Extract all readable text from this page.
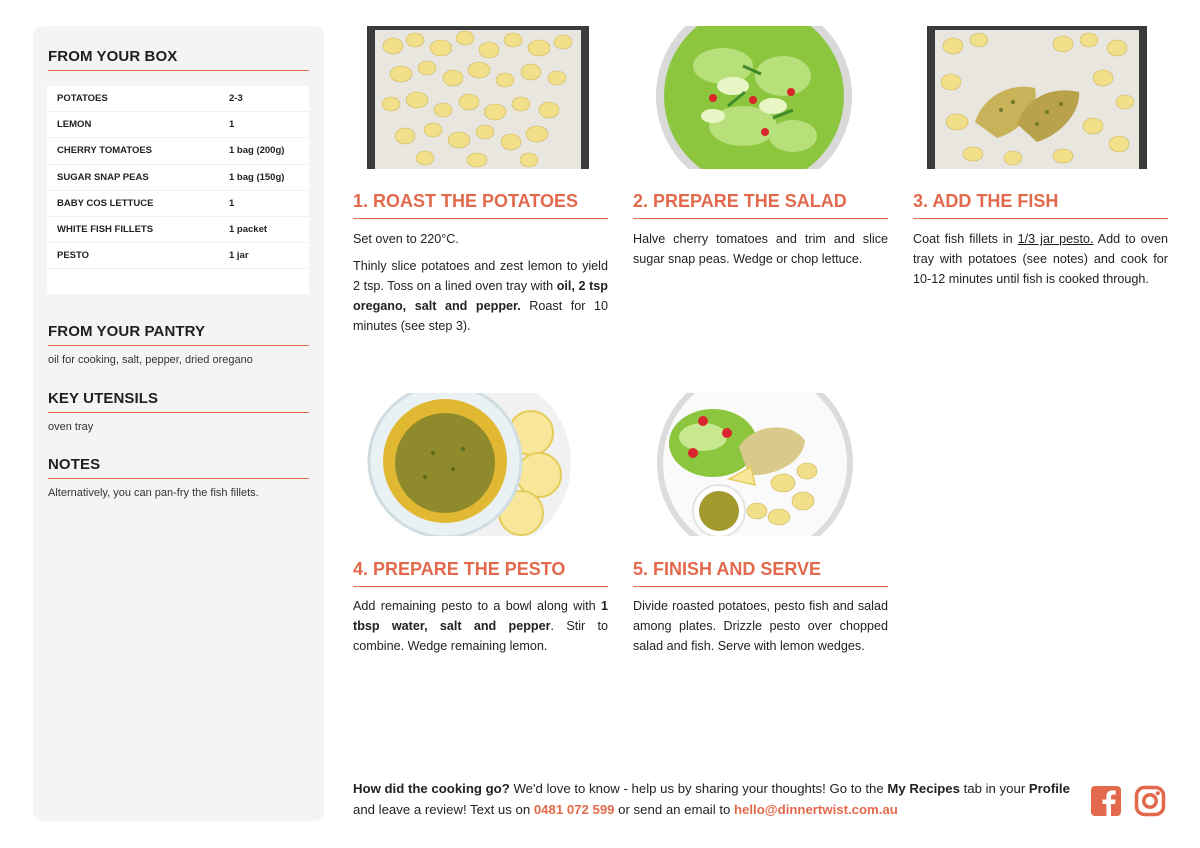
FROM YOUR BOX
POTATOES	2-3
LEMON	1
CHERRY TOMATOES	1 bag (200g)
SUGAR SNAP PEAS	1 bag (150g)
BABY COS LETTUCE	1
WHITE FISH FILLETS	1 packet
PESTO	1 jar
FROM YOUR PANTRY
oil for cooking, salt, pepper, dried oregano
KEY UTENSILS
oven tray
NOTES
Alternatively, you can pan-fry the fish fillets.
1. ROAST THE POTATOES

Set oven to 220°C.

Thinly slice potatoes and zest lemon to yield 2 tsp. Toss on a lined oven tray with oil, 2 tsp oregano, salt and pepper. Roast for 10 minutes (see step 3).

2. PREPARE THE SALAD

Halve cherry tomatoes and trim and slice sugar snap peas. Wedge or chop lettuce.

3. ADD THE FISH

Coat fish fillets in 1/3 jar pesto. Add to oven tray with potatoes (see notes) and cook for 10-12 minutes until fish is cooked through.

4. PREPARE THE PESTO

Add remaining pesto to a bowl along with 1 tbsp water, salt and pepper. Stir to combine. Wedge remaining lemon.

5. FINISH AND SERVE

Divide roasted potatoes, pesto fish and salad among plates. Drizzle pesto over chopped salad and fish. Serve with lemon wedges.

How did the cooking go? We'd love to know - help us by sharing your thoughts! Go to the My Recipes tab in your Profile and leave a review! Text us on 0481 072 599 or send an email to hello@dinnertwist.com.au
